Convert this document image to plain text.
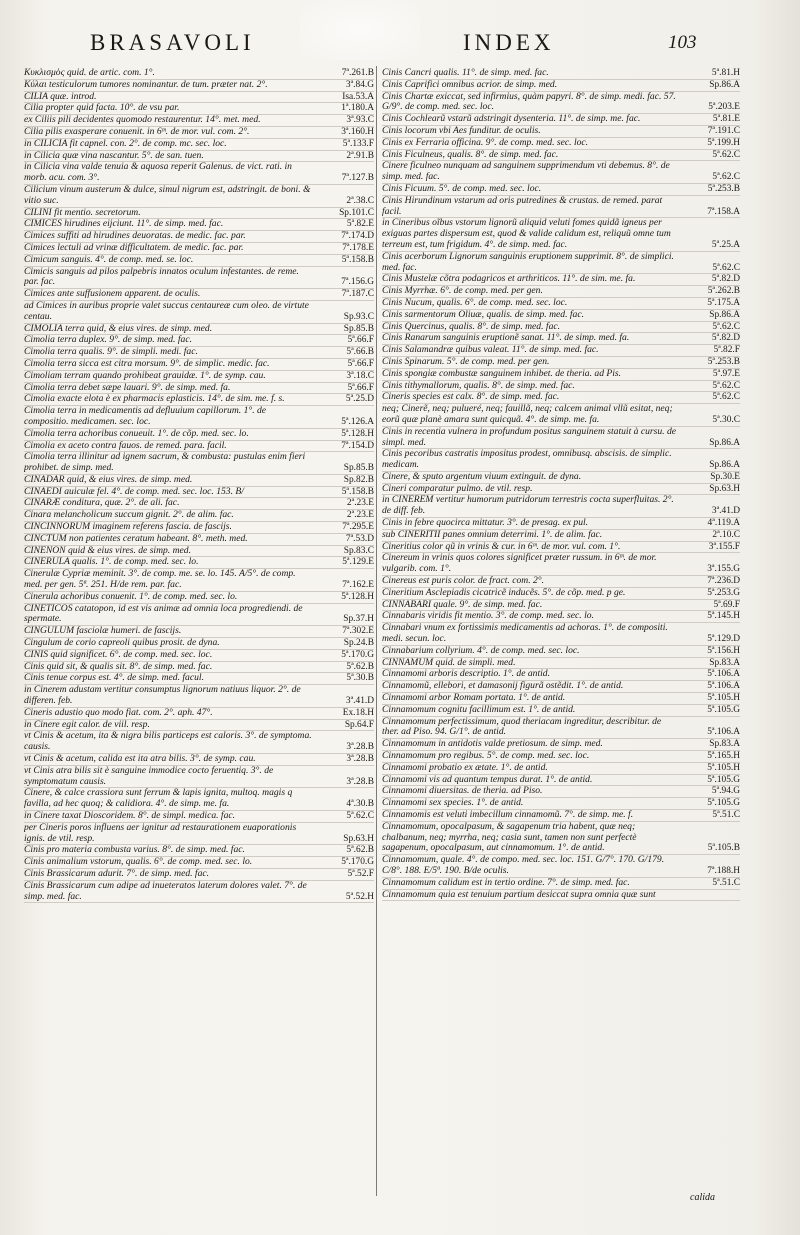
BRASAVOLI	INDEX	103
Κυκλισμὸς quid. de artic. com. 1°.	7ª.261.B
Κύλαι testiculorum tumores nominantur. de tum. præter nat. 2°.	3ª.84.G
CILIA quæ. introd.	Isa.53.A
Cilia propter quid facta. 10°. de vsu par.	1ª.180.A
ex Ciliis pili decidentes quomodo restaurentur. 14°. met. med.	3ª.93.C
Cilia pilis exasperare conuenit. in 6ᵐ. de mor. vul. com. 2°.	3ª.160.H
in CILICIA fit capnel. con. 2°. de comp. mc. sec. loc.	5ª.133.F
in Cilicia quæ vina nascantur. 5°. de san. tuen.	2ª.91.B
in Cilicia vina valde tenuia & aquosa reperit Galenus. de vict. rati. in morb. acu. com. 3°.	7ª.127.B
Cilicium vinum austerum & dulce, simul nigrum est, adstringit. de boni. & vitio suc.	2ª.38.C
CILINI fit mentio. secretorum.	Sp.101.C
CIMICES hirudines eijciunt. 11°. de simp. med. fac.	5ª.82.E
Cimices suffiti ad hirudines deuoratas. de medic. fac. par.	7ª.174.D
Cimices lectuli ad vrinæ difficultatem. de medic. fac. par.	7ª.178.E
Cimicum sanguis. 4°. de comp. med. se. loc.	5ª.158.B
Cimicis sanguis ad pilos palpebris innatos oculum infestantes. de reme. par. fac.	7ª.156.G
Cimices ante suffusionem apparent. de oculis.	7ª.187.C
ad Cimices in auribus proprie valet succus centaureæ cum oleo. de virtute centau.	Sp.93.C
CIMOLIA terra quid, & eius vires. de simp. med.	Sp.85.B
Cimolia terra duplex. 9°. de simp. med. fac.	5ª.66.F
Cimolia terra qualis. 9°. de simpli. medi. fac.	5ª.66.B
Cimolia terra sicca est citra morsum. 9°. de simplic. medic. fac.	5ª.66.F
Cimoliam terram quando prohibeat grauidæ. 1°. de symp. cau.	3ª.18.C
Cimolia terra debet sæpe lauari. 9°. de simp. med. fa.	5ª.66.F
Cimolia exacte elota è ex pharmacis eplasticis. 14°. de sim. me. f. s.	5ª.25.D
Cimolia terra in medicamentis ad defluuium capillorum. 1°. de compositio. medicamen. sec. loc.	5ª.126.A
Cimolia terra achoribus conueuit. 1°. de cõp. med. sec. lo.	5ª.128.H
Cimolia ex aceto contra fauos. de remed. para. facil.	7ª.154.D
Cimolia terra illinitur ad ignem sacrum, & combusta: pustulas enim fieri prohibet. de simp. med.	Sp.85.B
CINADAR quid, & eius vires. de simp. med.	Sp.82.B
CINAEDI auiculæ fel. 4°. de comp. med. sec. loc. 153. B/	5ª.158.B
CINARÆ conditura, quæ. 2°. de ali. fac.	2ª.23.E
Cinara melancholicum succum gignit. 2°. de alim. fac.	2ª.23.E
CINCINNORUM imaginem referens fascia. de fascijs.	7ª.295.E
CINCTUM non patientes ceratum habeant. 8°. meth. med.	7ª.53.D
CINENON quid & eius vires. de simp. med.	Sp.83.C
CINERULA qualis. 1°. de comp. med. sec. lo.	5ª.129.E
Cinerulæ Cypriæ meminit. 3°. de comp. me. se. lo. 145. A/5°. de comp. med. per gen. 5ª. 251. H/de rem. par. fac.	7ª.162.E
Cinerula achoribus conuenit. 1°. de comp. med. sec. lo.	5ª.128.H
CINETICOS catatopon, id est vis animæ ad omnia loca progrediendi. de spermate.	Sp.37.H
CINGULUM fasciolæ humeri. de fascijs.	7ª.302.E
Cingulum de corio capreoli quibus prosit. de dyna.	Sp.24.B
CINIS quid significet. 6°. de comp. med. sec. loc.	5ª.170.G
Cinis quid sit, & qualis sit. 8°. de simp. med. fac.	5ª.62.B
Cinis tenue corpus est. 4°. de simp. med. facul.	5ª.30.B
in Cinerem adustam vertitur consumptus lignorum natiuus liquor. 2°. de differen. feb.	3ª.41.D
Cineris adustio quo modo fiat. com. 2°. aph. 47°.	Ex.18.H
in Cinere egit calor. de viil. resp.	Sp.64.F
vt Cinis & acetum, ita & nigra bilis particeps est caloris. 3°. de symptoma. causis.	3ª.28.B
vt Cinis & acetum, calida est ita atra bilis. 3°. de symp. cau.	3ª.28.B
vt Cinis atra bilis sit è sanguine immodice cocto feruentiq. 3°. de symptomatum causis.	3ª.28.B
Cinere, & calce crassiora sunt ferrum & lapis ignita, multoq. magis q favilla, ad hec quoq; & calidiora. 4°. de simp. me. fa.	4ª.30.B
in Cinere taxat Dioscoridem. 8°. de simpl. medica. fac.	5ª.62.C
per Cineris poros influens aer ignitur ad restaurationem euaporationis ignis. de vtil. resp.	Sp.63.H
Cinis pro materia combusta varius. 8°. de simp. med. fac.	5ª.62.B
Cinis animalium vstorum, qualis. 6°. de comp. med. sec. lo.	5ª.170.G
Cinis Brassicarum adurit. 7°. de simp. med. fac.	5ª.52.F
Cinis Brassicarum cum adipe ad inueteratos laterum dolores valet. 7°. de simp. med. fac.	5ª.52.H
Cinis Cancri qualis. 11°. de simp. med. fac.	5ª.81.H
Cinis Caprifici omnibus acrior. de simp. med.	Sp.86.A
Cinis Chartæ exiccat, sed infirmius, quàm papyri. 8°. de simp. medi. fac. 57. G/9°. de comp. med. sec. loc.	5ª.203.E
Cinis Cochlearũ vstarũ adstringit dysenteria. 11°. de simp. me. fac.	5ª.81.E
Cinis locorum vbi Aes funditur. de oculis.	7ª.191.C
Cinis ex Ferraria officina. 9°. de comp. med. sec. loc.	5ª.199.H
Cinis Ficulneus, qualis. 8°. de simp. med. fac.	5ª.62.C
Cinere ficulneo nunquam ad sanguinem supprimendum vti debemus. 8°. de simp. med. fac.	5ª.62.C
Cinis Ficuum. 5°. de comp. med. sec. loc.	5ª.253.B
Cinis Hirundinum vstarum ad oris putredines & crustas. de remed. parat facil.	7ª.158.A
in Cineribus oĩbus vstorum lignorũ aliquid veluti fomes quidã igneus per exiguas partes dispersum est, quod & valide calidum est, reliquũ omne tum terreum est, tum frigidum. 4°. de simp. med. fac.	5ª.25.A
Cinis acerborum Lignorum sanguinis eruptionem supprimit. 8°. de simplici. med. fac.	5ª.62.C
Cinis Mustelæ cõtra podagricos et arthriticos. 11°. de sim. me. fa.	5ª.82.D
Cinis Myrrhæ. 6°. de comp. med. per gen.	5ª.262.B
Cinis Nucum, qualis. 6°. de comp. med. sec. loc.	5ª.175.A
Cinis sarmentorum Oliuæ, qualis. de simp. med. fac.	Sp.86.A
Cinis Quercinus, qualis. 8°. de simp. med. fac.	5ª.62.C
Cinis Ranarum sanguinis eruptionẽ sanat. 11°. de simp. med. fa.	5ª.82.D
Cinis Salamandræ quibus valeat. 11°. de simp. med. fac.	5ª.82.F
Cinis Spinarum. 5°. de comp. med. per gen.	5ª.253.B
Cinis spongiæ combustæ sanguinem inhibet. de theria. ad Pis.	5ª.97.E
Cinis tithymallorum, qualis. 8°. de simp. med. fac.	5ª.62.C
Cineris species est calx. 8°. de simp. med. fac.	5ª.62.C
neq; Cinerẽ, neq; pulueré, neq; fauillã, neq; calcem animal vllũ esitat, neq; eorũ quæ planè amara sunt quicquã. 4°. de simp. me. fa.	5ª.30.C
Cinis in recentia vulnera in profundum positus sanguinem statuit à cursu. de simpl. med.	Sp.86.A
Cinis pecoribus castratis impositus prodest, omnibusq. abscisis. de simplic. medicam.	Sp.86.A
Cinere, & sputo argentum viuum extinguit. de dyna.	Sp.30.E
Cineri comparatur pulmo. de vtil. resp.	Sp.63.H
in CINEREM vertitur humorum putridorum terrestris cocta superfluitas. 2°. de diff. feb.	3ª.41.D
Cinis in febre quocirca mittatur. 3°. de presag. ex pul.	4ª.119.A
sub CINERITII panes omnium deterrimi. 1°. de alim. fac.	2ª.10.C
Cineritius color qũ in vrinis & cur. in 6ᵐ. de mor. vul. com. 1°.	3ª.155.F
Cinereum in vrinis quos colores significet præter russum. in 6ᵐ. de mor. vulgarib. com. 1°.	3ª.155.G
Cinereus est puris color. de fract. com. 2°.	7ª.236.D
Cineritium Asclepiadis cicatricẽ inducẽs. 5°. de cõp. med. p ge.	5ª.253.G
CINNABARI quale. 9°. de simp. med. fac.	5ª.69.F
Cinnabaris viridis fit mentio. 3°. de comp. med. sec. lo.	5ª.145.H
Cinnabari vnum ex fortissimis medicamentis ad achoras. 1°. de compositi. medi. secun. loc.	5ª.129.D
Cinnabarium collyrium. 4°. de comp. med. sec. loc.	5ª.156.H
CINNAMUM quid. de simpli. med.	Sp.83.A
Cinnamomi arboris descriptio. 1°. de antid.	5ª.106.A
Cinnamomũ, ellebori, et damasonij figurã ostẽdit. 1°. de antid.	5ª.106.A
Cinnamomi arbor Romam portata. 1°. de antid.	5ª.105.H
Cinnamomum cognitu facillimum est. 1°. de antid.	5ª.105.G
Cinnamomum perfectissimum, quod theriacam ingreditur, describitur. de ther. ad Piso. 94. G/1°. de antid.	5ª.106.A
Cinnamomum in antidotis valde pretiosum. de simp. med.	Sp.83.A
Cinnamomum pro regibus. 5°. de comp. med. sec. loc.	5ª.165.H
Cinnamomi probatio ex ætate. 1°. de antid.	5ª.105.H
Cinnamomi vis ad quantum tempus durat. 1°. de antid.	5ª.105.G
Cinnamomi diuersitas. de theria. ad Piso.	5ª.94.G
Cinnamomi sex species. 1°. de antid.	5ª.105.G
Cinnamomis est veluti imbecillum cinnamomũ. 7°. de simp. me. f.	5ª.51.C
Cinnamomum, opocalpasum, & sagapenum tria habent, quæ neq; chalbanum, neq; myrrha, neq; casia sunt, tamen non sunt perfectè sagapenum, opocalpasum, aut cinnamomum. 1°. de antid.	5ª.105.B
Cinnamomum, quale. 4°. de compo. med. sec. loc. 151. G/7°. 170. G/179. C/8°. 188. E/5ª. 190. B/de oculis.	7ª.188.H
Cinnamomum calidum est in tertio ordine. 7°. de simp. med. fac.	5ª.51.C
Cinnamomum quia est tenuium partium desiccat supra omnia quæ sunt
calida
